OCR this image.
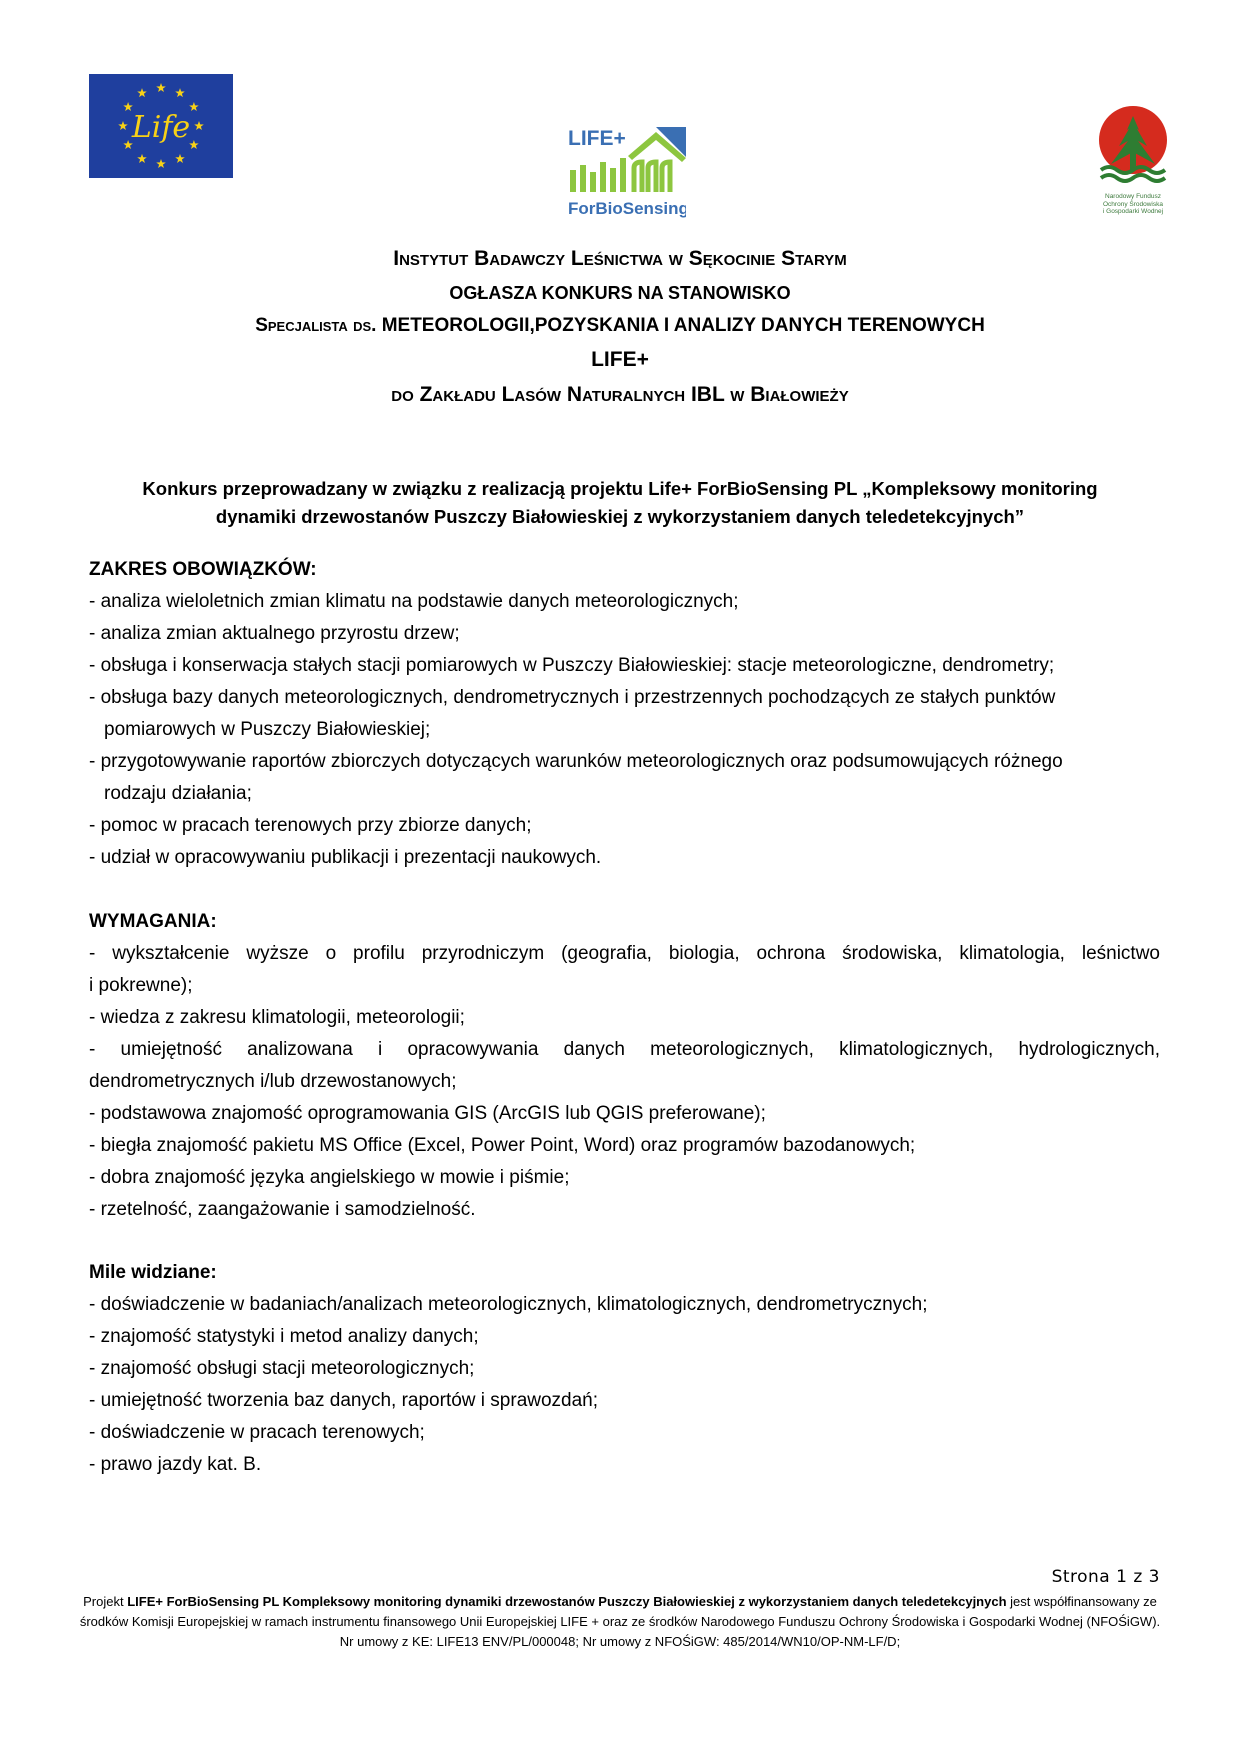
Life	LIFE+
ForBioSensing
Narodowy Fundusz
Ochrony Środowiska
i Gospodarki Wodnej
Instytut Badawczy Leśnictwa w Sękocinie Starym
OGŁASZA KONKURS NA STANOWISKO
Specjalista ds. METEOROLOGII,POZYSKANIA I ANALIZY DANYCH TERENOWYCH
LIFE+
do Zakładu Lasów Naturalnych IBL w Białowieży
Konkurs przeprowadzany w związku z realizacją projektu Life+ ForBioSensing PL „Kompleksowy monitoring dynamiki drzewostanów Puszczy Białowieskiej z wykorzystaniem danych teledetekcyjnych”

ZAKRES OBOWIĄZKÓW:

- analiza wieloletnich zmian klimatu na podstawie danych meteorologicznych;

- analiza zmian aktualnego przyrostu drzew;

- obsługa i konserwacja stałych stacji pomiarowych w Puszczy Białowieskiej: stacje meteorologiczne, dendrometry;

- obsługa bazy danych meteorologicznych, dendrometrycznych i przestrzennych pochodzących ze stałych punktów

pomiarowych w Puszczy Białowieskiej;

- przygotowywanie raportów zbiorczych dotyczących warunków meteorologicznych oraz podsumowujących różnego

rodzaju działania;

- pomoc w pracach terenowych przy zbiorze danych;

- udział w opracowywaniu publikacji i prezentacji naukowych.

WYMAGANIA:

- wykształcenie wyższe o profilu przyrodniczym (geografia, biologia, ochrona środowiska, klimatologia, leśnictwo

i pokrewne);

- wiedza z zakresu klimatologii, meteorologii;

- umiejętność analizowana i opracowywania danych meteorologicznych, klimatologicznych, hydrologicznych,

dendrometrycznych i/lub drzewostanowych;

- podstawowa znajomość oprogramowania GIS (ArcGIS lub QGIS preferowane);

- biegła znajomość pakietu MS Office (Excel, Power Point, Word) oraz programów bazodanowych;

- dobra znajomość języka angielskiego w mowie i piśmie;

- rzetelność, zaangażowanie i samodzielność.

Mile widziane:

- doświadczenie w badaniach/analizach meteorologicznych, klimatologicznych, dendrometrycznych;

- znajomość statystyki i metod analizy danych;

- znajomość obsługi stacji meteorologicznych;

- umiejętność tworzenia baz danych, raportów i sprawozdań;

- doświadczenie w pracach terenowych;

- prawo jazdy kat. B.

Strona 1 z 3
Projekt LIFE+ ForBioSensing PL Kompleksowy monitoring dynamiki drzewostanów Puszczy Białowieskiej z wykorzystaniem danych teledetekcyjnych jest współfinansowany ze środków Komisji Europejskiej w ramach instrumentu finansowego Unii Europejskiej LIFE + oraz ze środków Narodowego Funduszu Ochrony Środowiska i Gospodarki Wodnej (NFOŚiGW).
Nr umowy z KE: LIFE13 ENV/PL/000048; Nr umowy z NFOŚiGW: 485/2014/WN10/OP-NM-LF/D;
